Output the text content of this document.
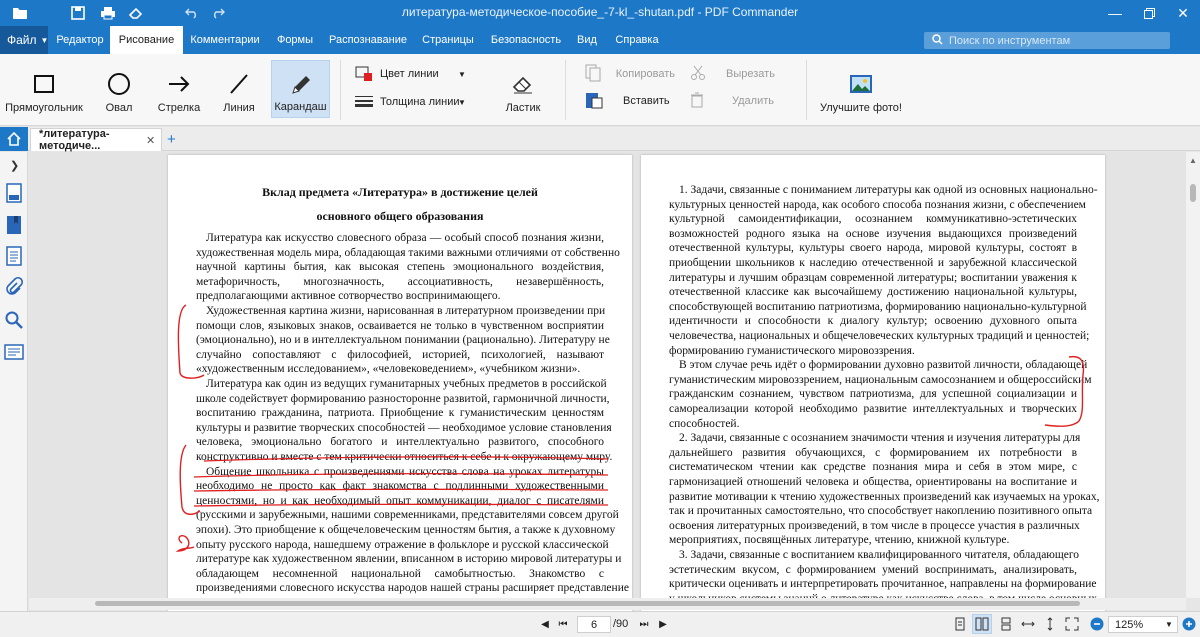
литература-методическое-пособие_-7-kl_-shutan.pdf - PDF Commander	—	✕
Файл ▼ Редактор	Рисование	Комментарии	Формы	Распознавание	Страницы	Безопасность	Вид	Справка	Поиск по инструментам
Прямоугольник Овал Стрелка Линия Карандаш
Цвет линии ▼
Толщина линии
▼	Ластик
Копировать
Вставить
Вырезать
Удалить
Улучшите фото!
*литература-методиче...	✕ +
❯
Вклад предмета «Литература» в достижение целей
основного общего образования
Литература как искусство словесного образа — особый способ познания жизни,
художественная модель мира, обладающая такими важными отличиями от собственно
научной картины бытия, как высокая степень эмоционального воздействия,
метафоричность, многозначность, ассоциативность, незавершённость,
предполагающими активное сотворчество воспринимающего.
Художественная картина жизни, нарисованная в литературном произведении при
помощи слов, языковых знаков, осваивается не только в чувственном восприятии
(эмоционально), но и в интеллектуальном понимании (рационально). Литературу не
случайно сопоставляют с философией, историей, психологией, называют
«художественным исследованием», «человековедением», «учебником жизни».
Литература как один из ведущих гуманитарных учебных предметов в российской
школе содействует формированию разносторонне развитой, гармоничной личности,
воспитанию гражданина, патриота. Приобщение к гуманистическим ценностям
культуры и развитие творческих способностей — необходимое условие становления
человека, эмоционально богатого и интеллектуально развитого, способного
конструктивно и вместе с тем критически относиться к себе и к окружающему миру.
Общение школьника с произведениями искусства слова на уроках литературы
необходимо не просто как факт знакомства с подлинными художественными
ценностями, но и как необходимый опыт коммуникации, диалог с писателями
(русскими и зарубежными, нашими современниками, представителями совсем другой
эпохи). Это приобщение к общечеловеческим ценностям бытия, а также к духовному
опыту русского народа, нашедшему отражение в фольклоре и русской классической
литературе как художественном явлении, вписанном в историю мировой литературы и
обладающем несомненной национальной самобытностью. Знакомство с
произведениями словесного искусства народов нашей страны расширяет представление
1. Задачи, связанные с пониманием литературы как одной из основных национально-
культурных ценностей народа, как особого способа познания жизни, с обеспечением
культурной самоидентификации, осознанием коммуникативно-эстетических
возможностей родного языка на основе изучения выдающихся произведений
отечественной культуры, культуры своего народа, мировой культуры, состоят в
приобщении школьников к наследию отечественной и зарубежной классической
литературы и лучшим образцам современной литературы; воспитании уважения к
отечественной классике как высочайшему достижению национальной культуры,
способствующей воспитанию патриотизма, формированию национально-культурной
идентичности и способности к диалогу культур; освоению духовного опыта
человечества, национальных и общечеловеческих культурных традиций и ценностей;
формированию гуманистического мировоззрения.
В этом случае речь идёт о формировании духовно развитой личности, обладающей
гуманистическим мировоззрением, национальным самосознанием и общероссийским
гражданским сознанием, чувством патриотизма, для успешной социализации и
самореализации которой необходимо развитие интеллектуальных и творческих
способностей.
2. Задачи, связанные с осознанием значимости чтения и изучения литературы для
дальнейшего развития обучающихся, с формированием их потребности в
систематическом чтении как средстве познания мира и себя в этом мире, с
гармонизацией отношений человека и общества, ориентированы на воспитание и
развитие мотивации к чтению художественных произведений как изучаемых на уроках,
так и прочитанных самостоятельно, что способствует накоплению позитивного опыта
освоения литературных произведений, в том числе в процессе участия в различных
мероприятиях, посвящённых литературе, чтению, книжной культуре.
3. Задачи, связанные с воспитанием квалифицированного читателя, обладающего
эстетическим вкусом, с формированием умений воспринимать, анализировать,
критически оценивать и интерпретировать прочитанное, направлены на формирование
▲
◀ ⏮ 6 /90 ⏭	▶	125%	▼
